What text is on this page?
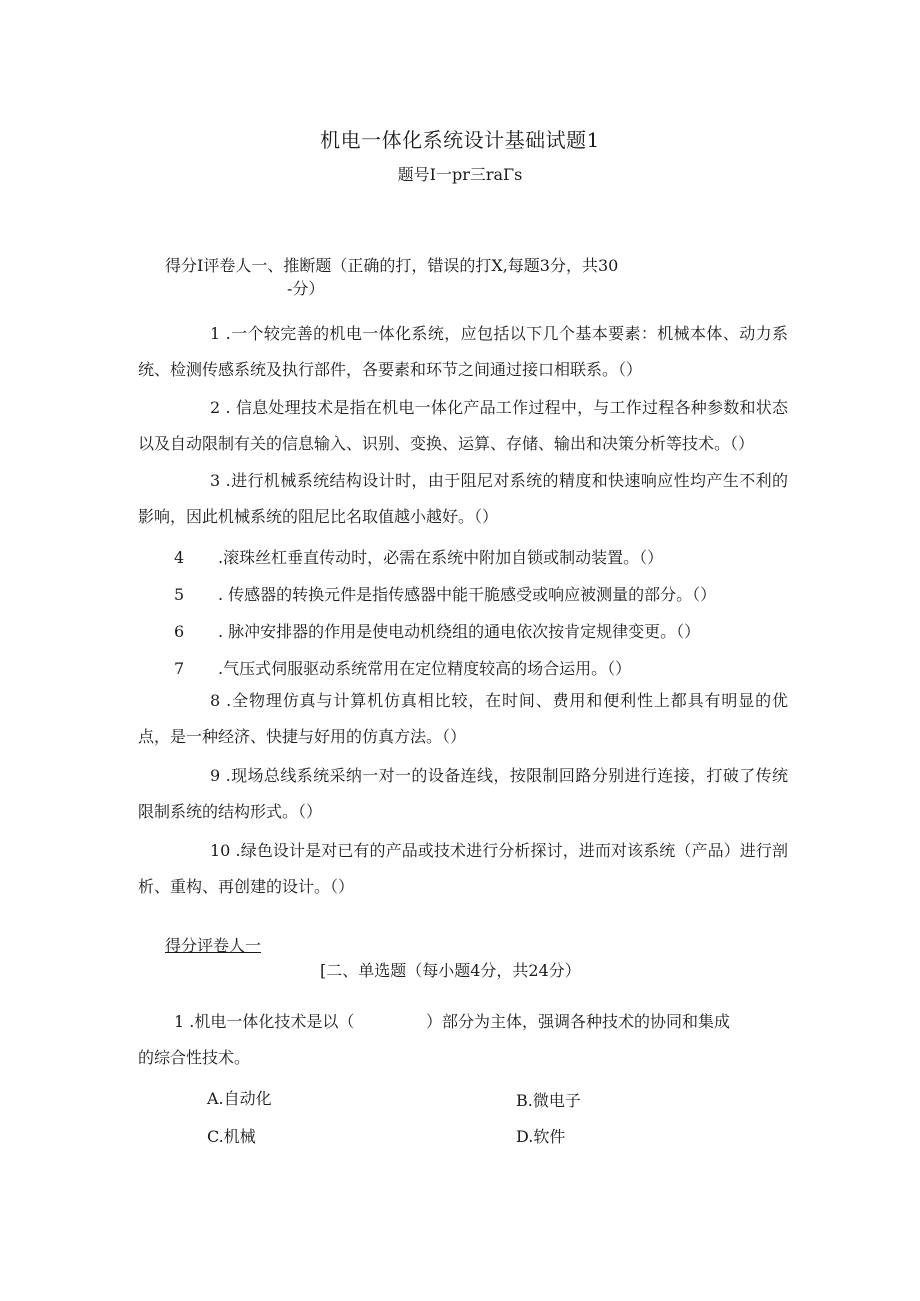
机电一体化系统设计基础试题1
题号I一pr三raΓs
得分I评卷人一、推断题（正确的打，错误的打X,每题3分，共30
-分）
1 .一个较完善的机电一体化系统，应包括以下几个基本要素：机械本体、动力系统、检测传感系统及执行部件，各要素和环节之间通过接口相联系。（）
2 . 信息处理技术是指在机电一体化产品工作过程中，与工作过程各种参数和状态以及自动限制有关的信息输入、识别、变换、运算、存储、输出和决策分析等技术。（）
3 .进行机械系统结构设计时，由于阻尼对系统的精度和快速响应性均产生不利的影响，因此机械系统的阻尼比名取值越小越好。（）
4 .滚珠丝杠垂直传动时，必需在系统中附加自锁或制动装置。（）
5 . 传感器的转换元件是指传感器中能干脆感受或响应被测量的部分。（）
6 . 脉冲安排器的作用是使电动机绕组的通电依次按肯定规律变更。（）
7 .气压式伺服驱动系统常用在定位精度较高的场合运用。（）
8 .全物理仿真与计算机仿真相比较，在时间、费用和便利性上都具有明显的优点，是一种经济、快捷与好用的仿真方法。（）
9 .现场总线系统采纳一对一的设备连线，按限制回路分别进行连接，打破了传统限制系统的结构形式。（）
10 .绿色设计是对已有的产品或技术进行分析探讨，进而对该系统（产品）进行剖析、重构、再创建的设计。（）
得分评卷人一
[二、单选题（每小题4分，共24分）
1 .机电一体化技术是以（	）部分为主体，强调各种技术的协同和集成
的综合性技术。
A.自动化	B.微电子
C.机械	D.软件
